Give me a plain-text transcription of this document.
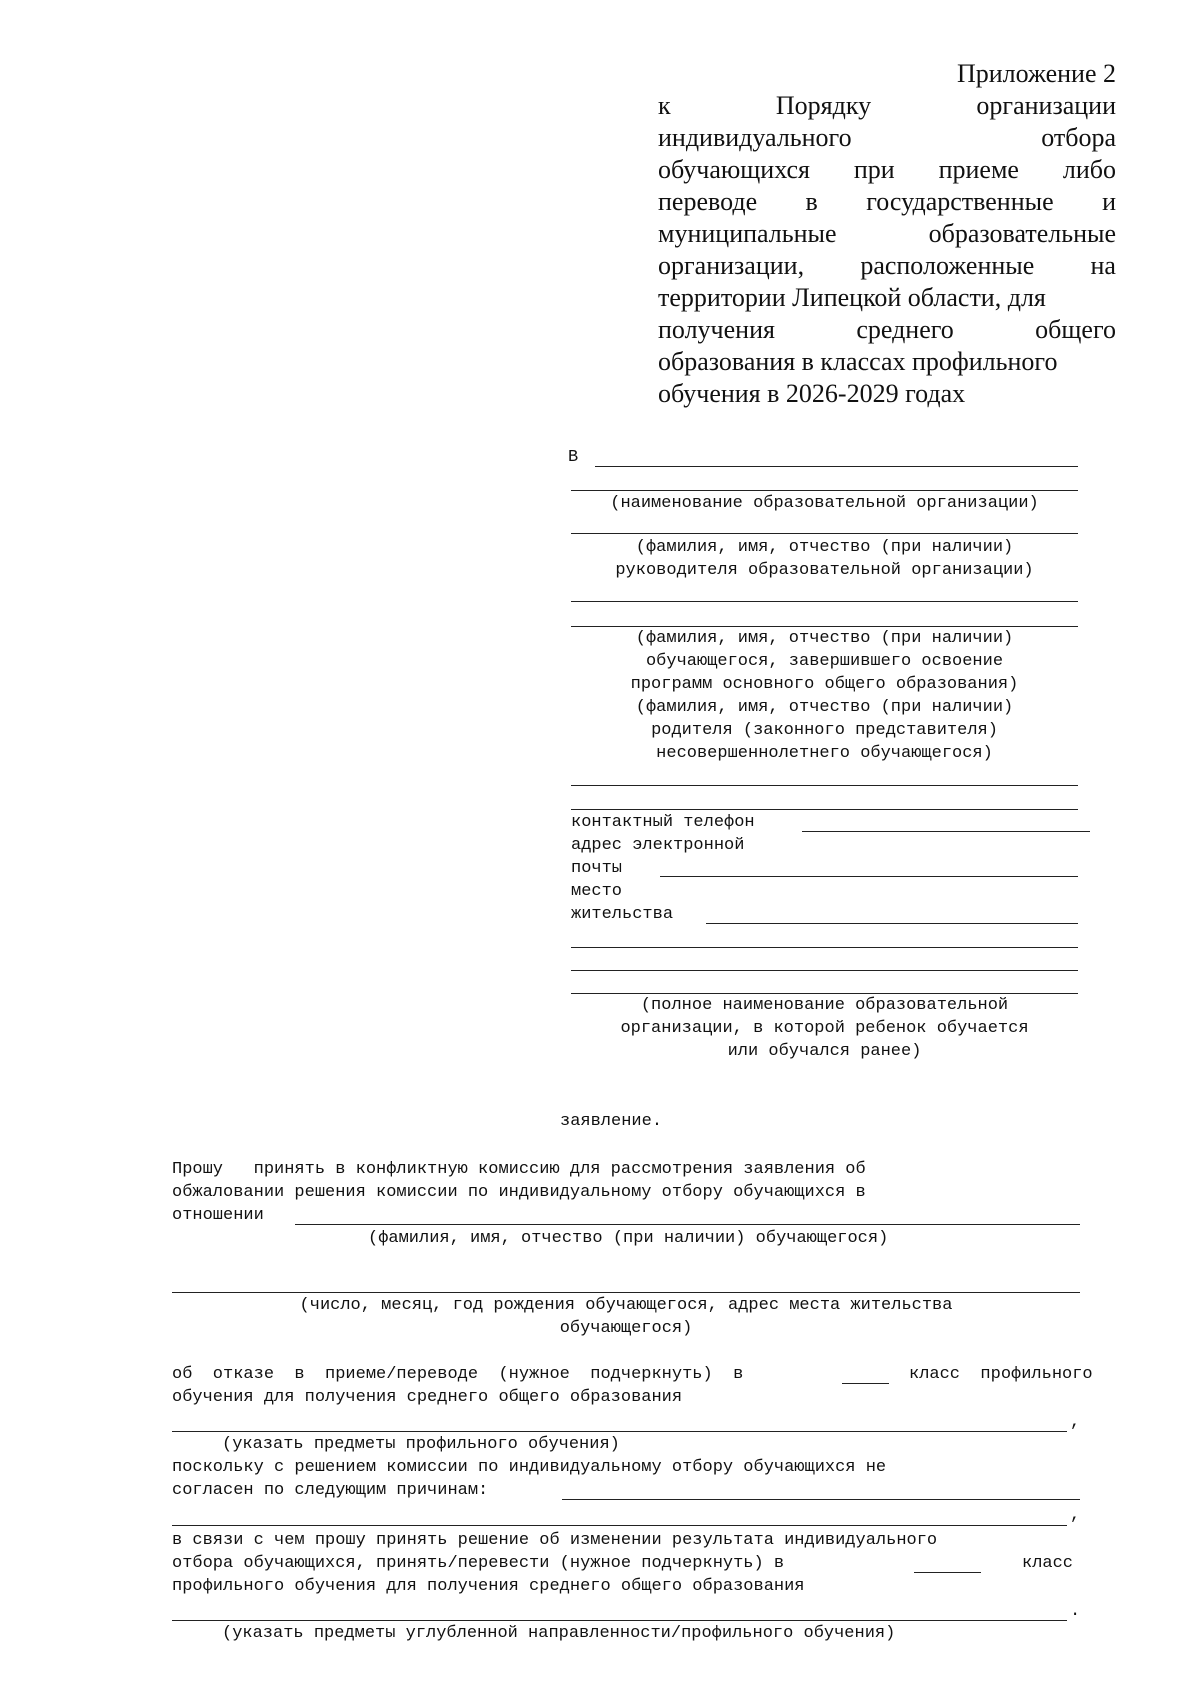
Приложение 2
к	Порядку	организации
индивидуального	отбора
обучающихся при приеме либо
переводе в государственные и
муниципальные	образовательные
организации, расположенные на
территории Липецкой области, для
получения	среднего	общего
образования в классах профильного
обучения в 2026-2029 годах
В
(наименование образовательной организации)
(фамилия, имя, отчество (при наличии)
руководителя образовательной организации)
(фамилия, имя, отчество (при наличии)
обучающегося, завершившего освоение
программ основного общего образования)
(фамилия, имя, отчество (при наличии)
родителя (законного представителя)
несовершеннолетнего обучающегося)
контактный телефон
адрес электронной
почты
место
жительства
(полное наименование образовательной
организации, в которой ребенок обучается
или обучался ранее)
заявление.
Прошу   принять в конфликтную комиссию для рассмотрения заявления об
обжаловании решения комиссии по индивидуальному отбору обучающихся в
отношении
(фамилия, имя, отчество (при наличии) обучающегося)
(число, месяц, год рождения обучающегося, адрес места жительства
обучающегося)
об  отказе  в  приеме/переводе  (нужное  подчеркнуть)  в	класс  профильного
обучения для получения среднего общего образования
,
(указать предметы профильного обучения)
поскольку с решением комиссии по индивидуальному отбору обучающихся не
согласен по следующим причинам:
,
в связи с чем прошу принять решение об изменении результата индивидуального
отбора обучающихся, принять/перевести (нужное подчеркнуть) в	класс
профильного обучения для получения среднего общего образования
.
(указать предметы углубленной направленности/профильного обучения)
